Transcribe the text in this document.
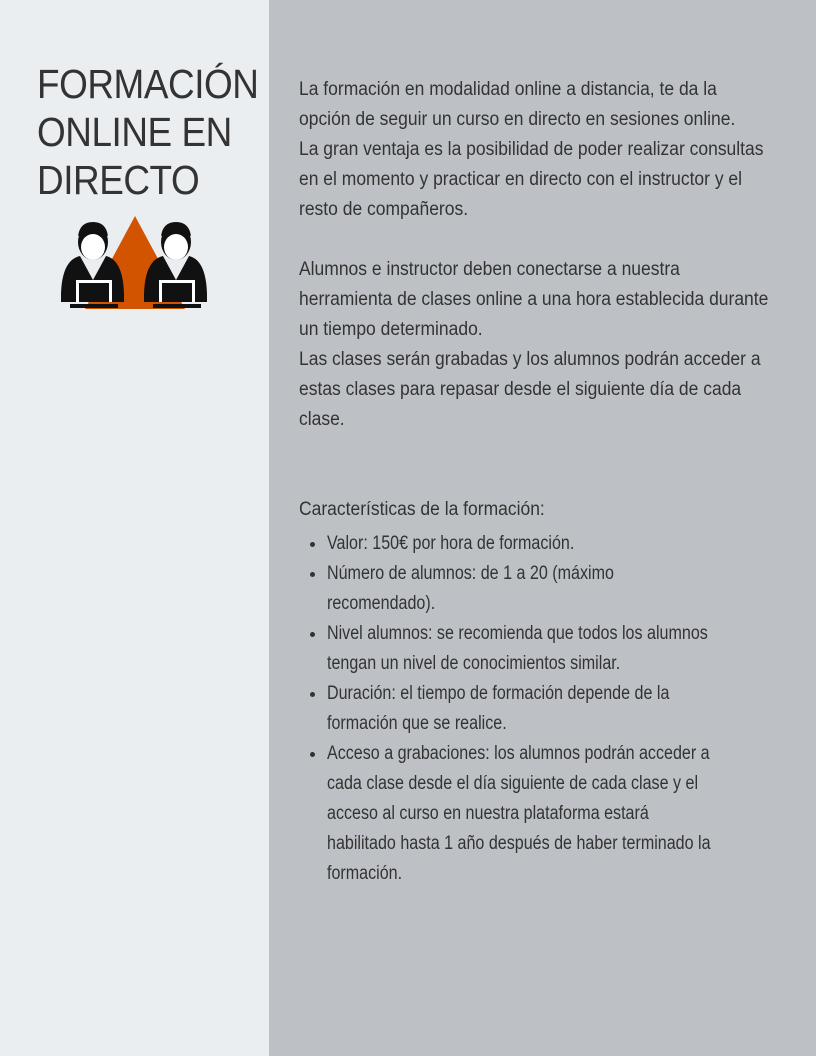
FORMACIÓN
ONLINE EN
DIRECTO

La formación en modalidad online a distancia, te da la

opción de seguir un curso en directo en sesiones online.

La gran ventaja es la posibilidad de poder realizar consultas

en el momento y practicar en directo con el instructor y el

resto de compañeros.

Alumnos e instructor deben conectarse a nuestra

herramienta de clases online a una hora establecida durante

un tiempo determinado.

Las clases serán grabadas y los alumnos podrán acceder a

estas clases para repasar desde el siguiente día de cada

clase.

Características de la formación:

• Valor: 150€ por hora de formación.
• Número de alumnos: de 1 a 20 (máximo
recomendado).
• Nivel alumnos: se recomienda que todos los alumnos
tengan un nivel de conocimientos similar.
• Duración: el tiempo de formación depende de la
formación que se realice.
• Acceso a grabaciones: los alumnos podrán acceder a
cada clase desde el día siguiente de cada clase y el
acceso al curso en nuestra plataforma estará
habilitado hasta 1 año después de haber terminado la
formación.
